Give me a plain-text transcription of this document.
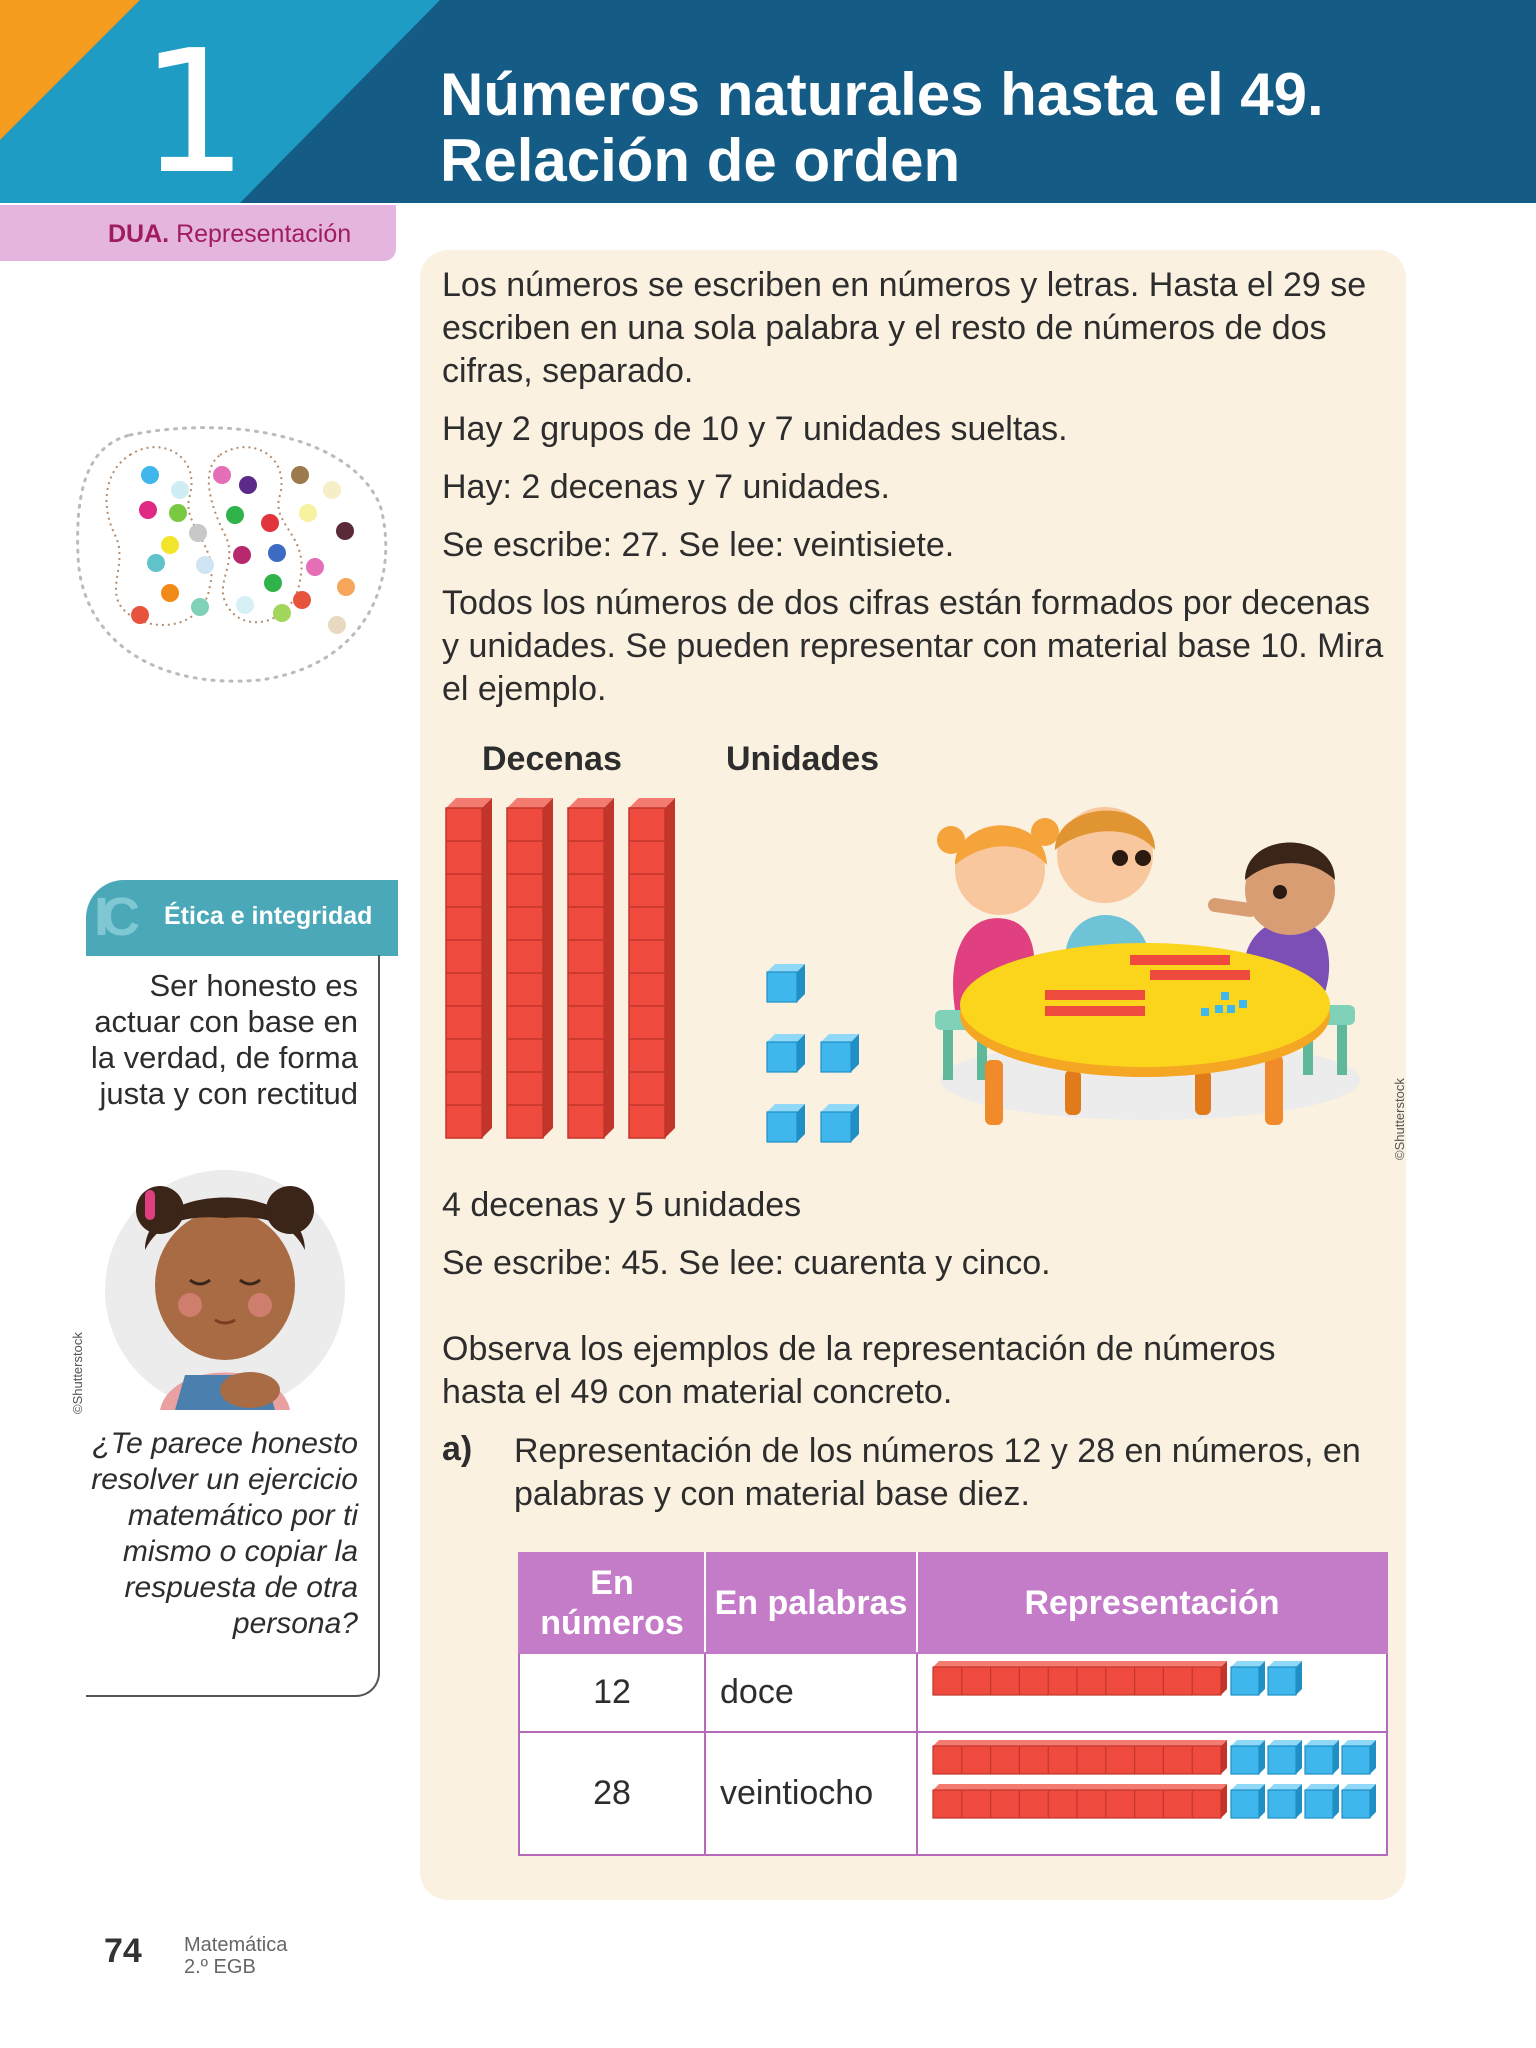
1	Números naturales hasta el 49.
Relación de orden
DUA. Representación
IC Ética e integridad

Ser honesto es actuar con base en la verdad, de forma justa y con rectitud

©Shutterstock

¿Te parece honesto resolver un ejercicio matemático por ti mismo o copiar la respuesta de otra persona?

Los números se escriben en números y letras. Hasta el 29 se escriben en una sola palabra y el resto de números de dos cifras, separado.

Hay 2 grupos de 10 y 7 unidades sueltas.

Hay: 2 decenas y 7 unidades.

Se escribe: 27. Se lee: veintisiete.

Todos los números de dos cifras están formados por decenas y unidades. Se pueden representar con material base 10. Mira el ejemplo.

Decenas	Unidades
©Shutterstock

4 decenas y 5 unidades

Se escribe: 45. Se lee: cuarenta y cinco.

Observa los ejemplos de la representación de números hasta el 49 con material concreto.

a) Representación de los números 12 y 28 en números, en palabras y con material base diez.

En números	En palabras	Representación
12	doce	
28	veintiocho	
74 Matemática
2.º EGB
